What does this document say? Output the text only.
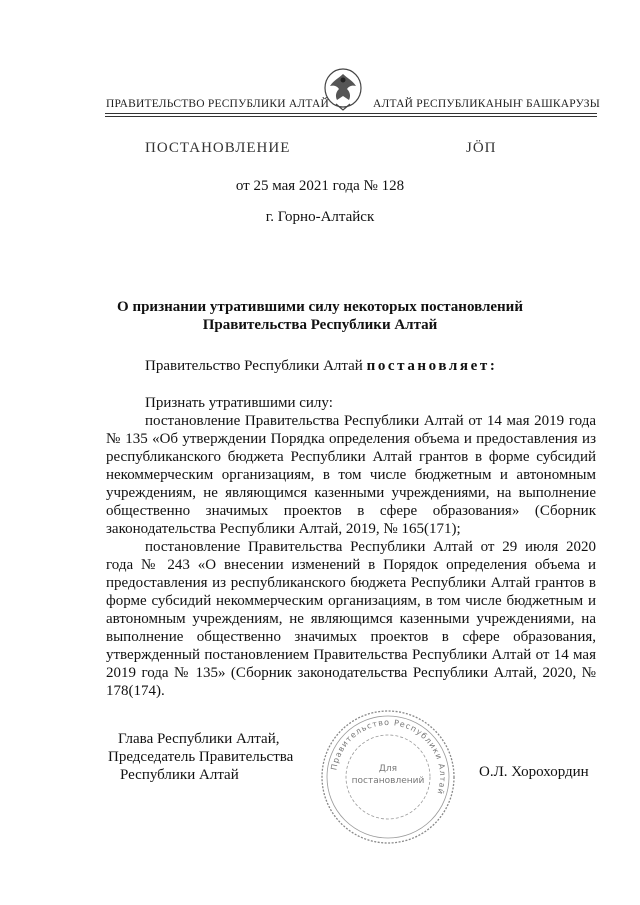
ПРАВИТЕЛЬСТВО РЕСПУБЛИКИ АЛТАЙ	АЛТАЙ РЕСПУБЛИКАНЫҤ БАШКАРУЗЫ
ПОСТАНОВЛЕНИЕ	ЈӦП
от 25 мая 2021 года № 128
г. Горно-Алтайск
О признании утратившими силу некоторых постановлений
Правительства Республики Алтай
Правительство Республики Алтай постановляет:

Признать утратившими силу:

постановление Правительства Республики Алтай от 14 мая 2019 года № 135 «Об утверждении Порядка определения объема и предоставления из республиканского бюджета Республики Алтай грантов в форме субсидий некоммерческим организациям, в том числе бюджетным и автономным учреждениям, не являющимся казенными учреждениями, на выполнение общественно значимых проектов в сфере образования» (Сборник законодательства Республики Алтай, 2019, № 165(171);

постановление Правительства Республики Алтай от 29 июля 2020 года № 243 «О внесении изменений в Порядок определения объема и предоставления из республиканского бюджета Республики Алтай грантов в форме субсидий некоммерческим организациям, в том числе бюджетным и автономным учреждениям, не являющимся казенными учреждениями, на выполнение общественно значимых проектов в сфере образования, утвержденный постановлением Правительства Республики Алтай от 14 мая 2019 года № 135» (Сборник законодательства Республики Алтай, 2020, № 178(174).

Глава Республики Алтай,
Председатель Правительства
Республики Алтай	О.Л. Хорохордин
Правительство Республики Алтай
Для
постановлений
